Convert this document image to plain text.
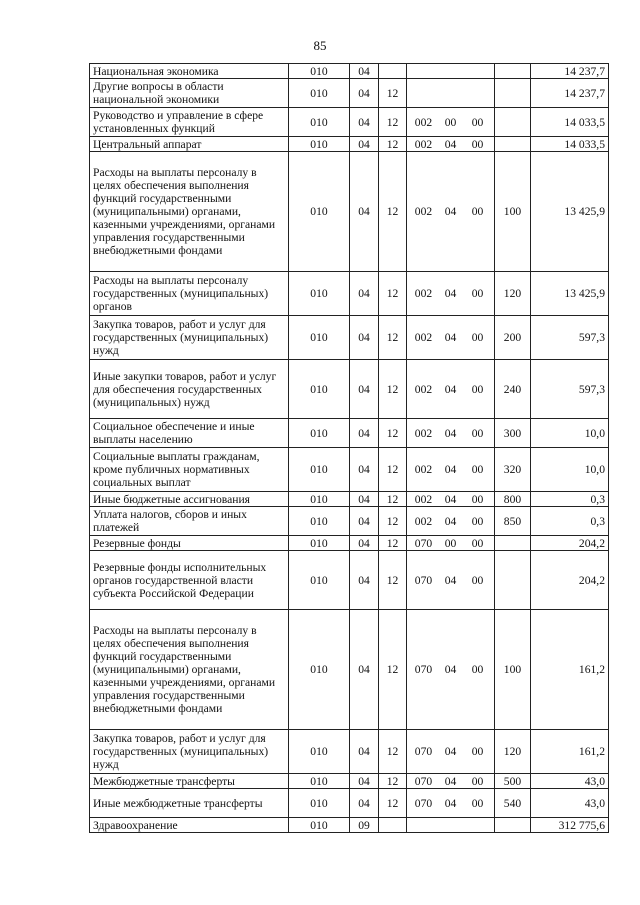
85
Национальная экономика	010	04				14 237,7
Другие вопросы в области национальной экономики	010	04	12			14 237,7
Руководство и управление в сфере установленных функций	010	04	12	002 00 00		14 033,5
Центральный аппарат	010	04	12	002 04 00		14 033,5
Расходы на выплаты персоналу в целях обеспечения выполнения функций государственными (муниципальными) органами, казенными учреждениями, органами управления государственными внебюджетными фондами	010	04	12	002 04 00	100	13 425,9
Расходы на выплаты персоналу государственных (муниципальных) органов	010	04	12	002 04 00	120	13 425,9
Закупка товаров, работ и услуг для государственных (муниципальных) нужд	010	04	12	002 04 00	200	597,3
Иные закупки товаров, работ и услуг для обеспечения государственных (муниципальных) нужд	010	04	12	002 04 00	240	597,3
Социальное обеспечение и иные выплаты населению	010	04	12	002 04 00	300	10,0
Социальные выплаты гражданам, кроме публичных нормативных социальных выплат	010	04	12	002 04 00	320	10,0
Иные бюджетные ассигнования	010	04	12	002 04 00	800	0,3
Уплата налогов, сборов и иных платежей	010	04	12	002 04 00	850	0,3
Резервные фонды	010	04	12	070 00 00		204,2
Резервные фонды исполнительных органов государственной власти субъекта Российской Федерации	010	04	12	070 04 00		204,2
Расходы на выплаты персоналу в целях обеспечения выполнения функций государственными (муниципальными) органами, казенными учреждениями, органами управления государственными внебюджетными фондами	010	04	12	070 04 00	100	161,2
Закупка товаров, работ и услуг для государственных (муниципальных) нужд	010	04	12	070 04 00	120	161,2
Межбюджетные трансферты	010	04	12	070 04 00	500	43,0
Иные межбюджетные трансферты	010	04	12	070 04 00	540	43,0
Здравоохранение	010	09				312 775,6
